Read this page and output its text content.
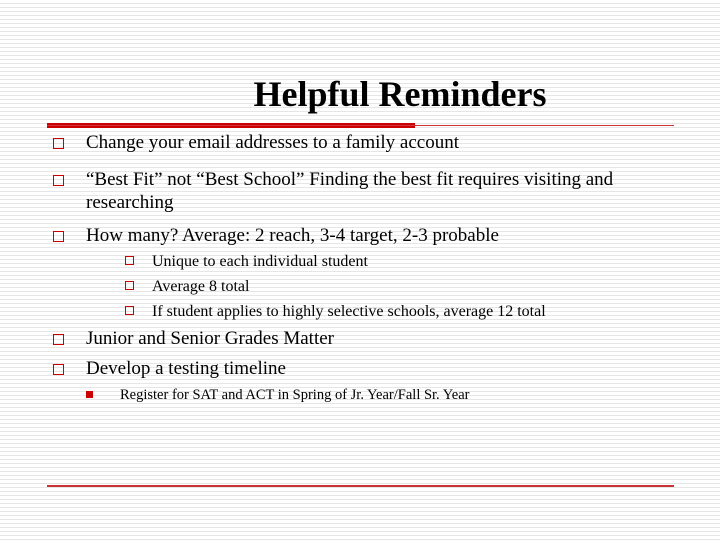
Helpful Reminders
Change your email addresses to a family account
“Best Fit” not “Best School” Finding the best fit requires visiting and researching
How many? Average: 2 reach, 3-4 target, 2-3 probable
Unique to each individual student
Average 8 total
If student applies to highly selective schools, average 12 total
Junior and Senior Grades Matter
Develop a testing timeline
Register for SAT and ACT in Spring of Jr. Year/Fall Sr. Year
